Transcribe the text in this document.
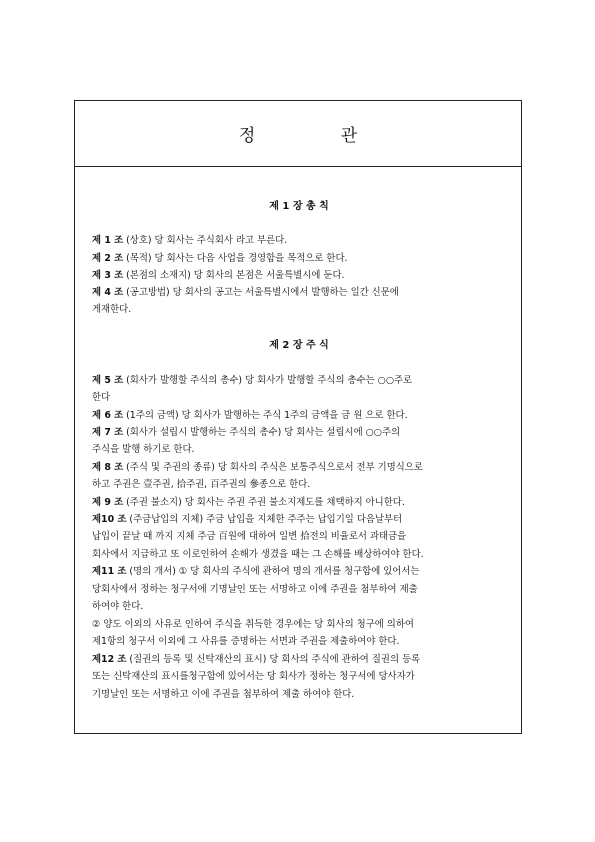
정 관
제 1 장 총 칙
제 2 장 주 식
제 1 조 (상호) 당 회사는 주식회사 라고 부른다.
제 2 조 (목적) 당 회사는 다음 사업을 경영함을 목적으로 한다.
제 3 조 (본점의 소재지) 당 회사의 본점은 서울특별시에 둔다.
제 4 조 (공고방법) 당 회사의 공고는 서울특별시에서 발행하는 일간 신문에
게재한다.
제 5 조 (회사가 발행할 주식의 총수) 당 회사가 발행할 주식의 총수는 ○○주로
한다
제 6 조 (1주의 금액) 당 회사가 발행하는 주식 1주의 금액을 금 원 으로 한다.
제 7 조 (회사가 설립시 발행하는 주식의 총수) 당 회사는 설립시에 ○○주의
주식을 발행 하기로 한다.
제 8 조 (주식 및 주권의 종류) 당 회사의 주식은 보통주식으로서 전부 기명식으로
하고 주권은 壹주권, 拾주권, 百주권의 參종으로 한다.
제 9 조 (주권 불소지) 당 회사는 주권 주권 불소지제도를 채택하지 아니한다.
제10 조 (주금납입의 지체) 주금 납입을 지체한 주주는 납입기일 다음날부터
납입이 끝날 때 까지 지체 주금 百원에 대하여 일변 拾전의 비율로서 과태금을
회사에서 지급하고 또 이로인하여 손해가 생겼을 때는 그 손해를 배상하여야 한다.
제11 조 (명의 개서) ① 당 회사의 주식에 관하여 명의 개서를 청구함에 있어서는
당회사에서 정하는 청구서에 기명날인 또는 서명하고 이에 주권을 첨부하여 제출
하여야 한다.
② 양도 이외의 사유로 인하여 주식을 취득한 경우에는 당 회사의 청구에 의하여
제1항의 청구서 이외에 그 사유를 증명하는 서면과 주권을 제출하여야 한다.
제12 조 (질권의 등록 및 신탁재산의 표시) 당 회사의 주식에 관하여 질권의 등록
또는 신탁재산의 표시를청구함에 있어서는 당 회사가 정하는 청구서에 당사자가
기명날인 또는 서명하고 이에 주권을 첨부하여 제출 하여야 한다.
